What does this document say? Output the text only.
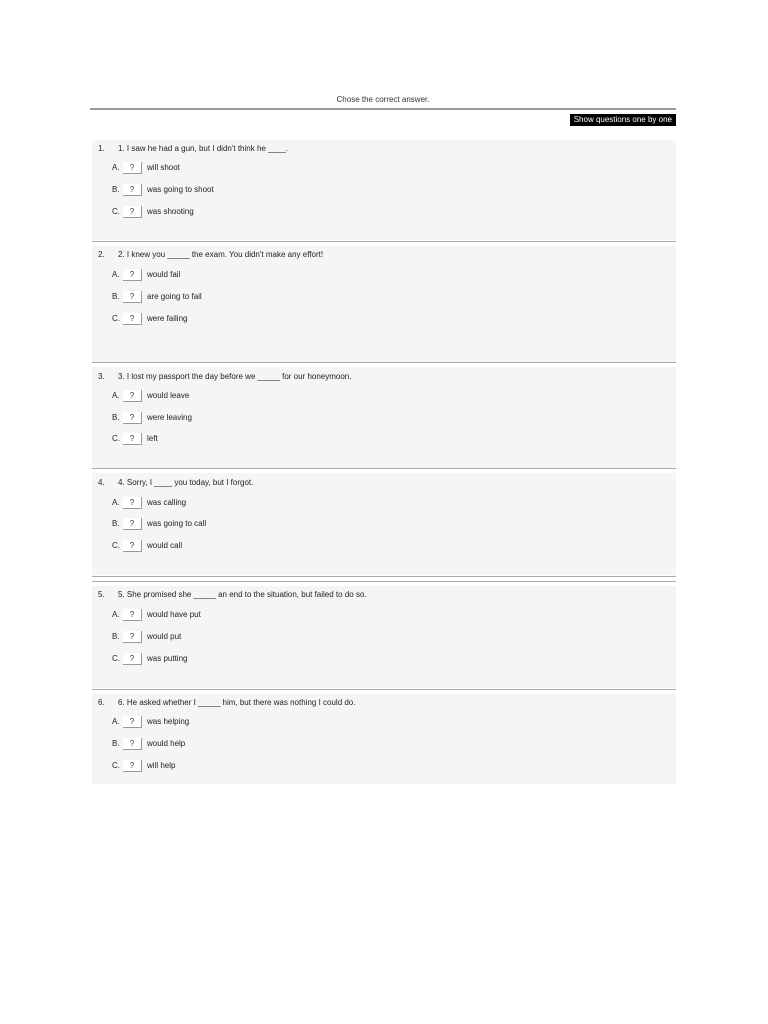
Chose the correct answer.
Show questions one by one
1. 1. I saw he had a gun, but I didn't think he ____.
A.	?	will shoot
B.	?	was going to shoot
C.	?	was shooting
2. 2. I knew you _____ the exam. You didn't make any effort!
A.	?	would fail
B.	?	are going to fail
C.	?	were failing
3. 3. I lost my passport the day before we _____ for our honeymoon.
A.	?	would leave
B.	?	were leaving
C.	?	left
4. 4. Sorry, I ____ you today, but I forgot.
A.	?	was calling
B.	?	was going to call
C.	?	would call
5. 5. She promised she _____ an end to the situation, but failed to do so.
A.	?	would have put
B.	?	would put
C.	?	was putting
6. 6. He asked whether I _____ him, but there was nothing I could do.
A.	?	was helping
B.	?	would help
C.	?	will help
